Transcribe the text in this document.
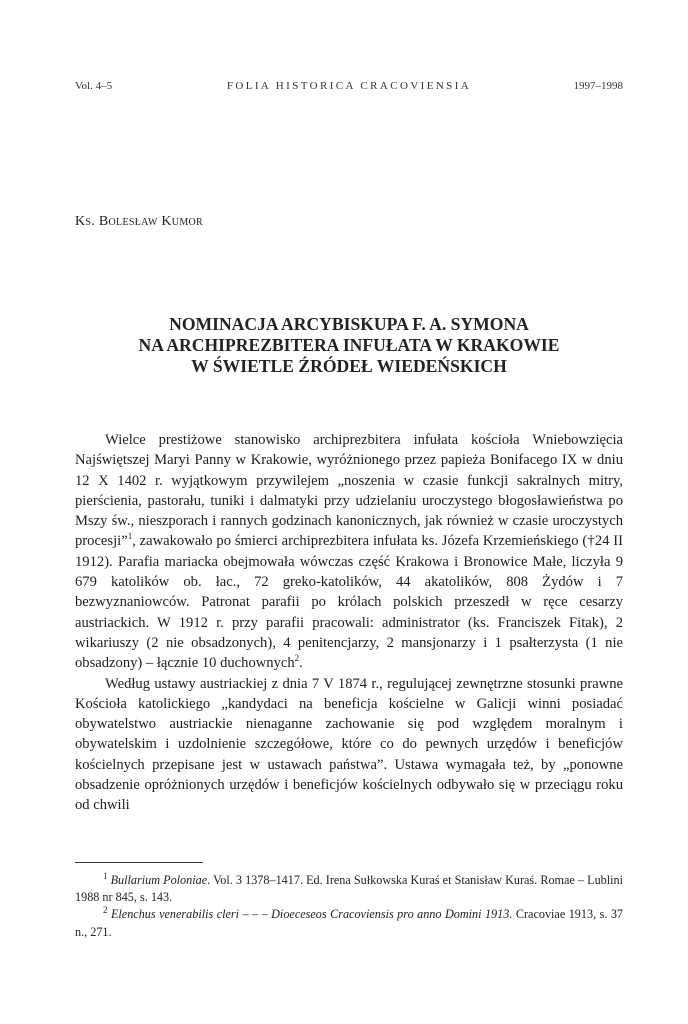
Vol. 4–5	FOLIA HISTORICA CRACOVIENSIA	1997–1998
Ks. Bolesław Kumor
NOMINACJA ARCYBISKUPA F. A. SYMONA
NA ARCHIPREZBITERA INFUŁATA W KRAKOWIE
W ŚWIETLE ŹRÓDEŁ WIEDEŃSKICH

Wielce prestiżowe stanowisko archiprezbitera infułata kościoła Wniebowzięcia Najświętszej Maryi Panny w Krakowie, wyróżnionego przez papieża Bonifacego IX w dniu 12 X 1402 r. wyjątkowym przywilejem „noszenia w czasie funkcji sakralnych mitry, pierścienia, pastorału, tuniki i dalmatyki przy udzielaniu uroczystego błogosławieństwa po Mszy św., nieszporach i rannych godzinach kanonicznych, jak również w czasie uroczystych procesji”$^1$, zawakowało po śmierci archiprezbitera infułata ks. Józefa Krzemieńskiego (†24 II 1912). Parafia mariacka obejmowała wówczas część Krakowa i Bronowice Małe, liczyła 9 679 katolików ob. łac., 72 greko-katolików, 44 akatolików, 808 Żydów i 7 bezwyznaniowców. Patronat parafii po królach polskich przeszedł w ręce cesarzy austriackich. W 1912 r. przy parafii pracowali: administrator (ks. Franciszek Fitak), 2 wikariuszy (2 nie obsadzonych), 4 penitencjarzy, 2 mansjonarzy i 1 psałterzysta (1 nie obsadzony) – łącznie 10 duchownych$^2$.

Według ustawy austriackiej z dnia 7 V 1874 r., regulującej zewnętrzne stosunki prawne Kościoła katolickiego „kandydaci na beneficja kościelne w Galicji winni posiadać obywatelstwo austriackie nienaganne zachowanie się pod względem moralnym i obywatelskim i uzdolnienie szczegółowe, które co do pewnych urzędów i beneficjów kościelnych przepisane jest w ustawach państwa”. Ustawa wymagała też, by „ponowne obsadzenie opróżnionych urzędów i beneficjów kościelnych odbywało się w przeciągu roku od chwili

$^1$ Bullarium Poloniae. Vol. 3 1378–1417. Ed. Irena Sułkowska Kuraś et Stanisław Kuraś. Romae – Lublini 1988 nr 845, s. 143.

$^2$ Elenchus venerabilis cleri – – – Dioeceseos Cracoviensis pro anno Domini 1913. Cracoviae 1913, s. 37 n., 271.
